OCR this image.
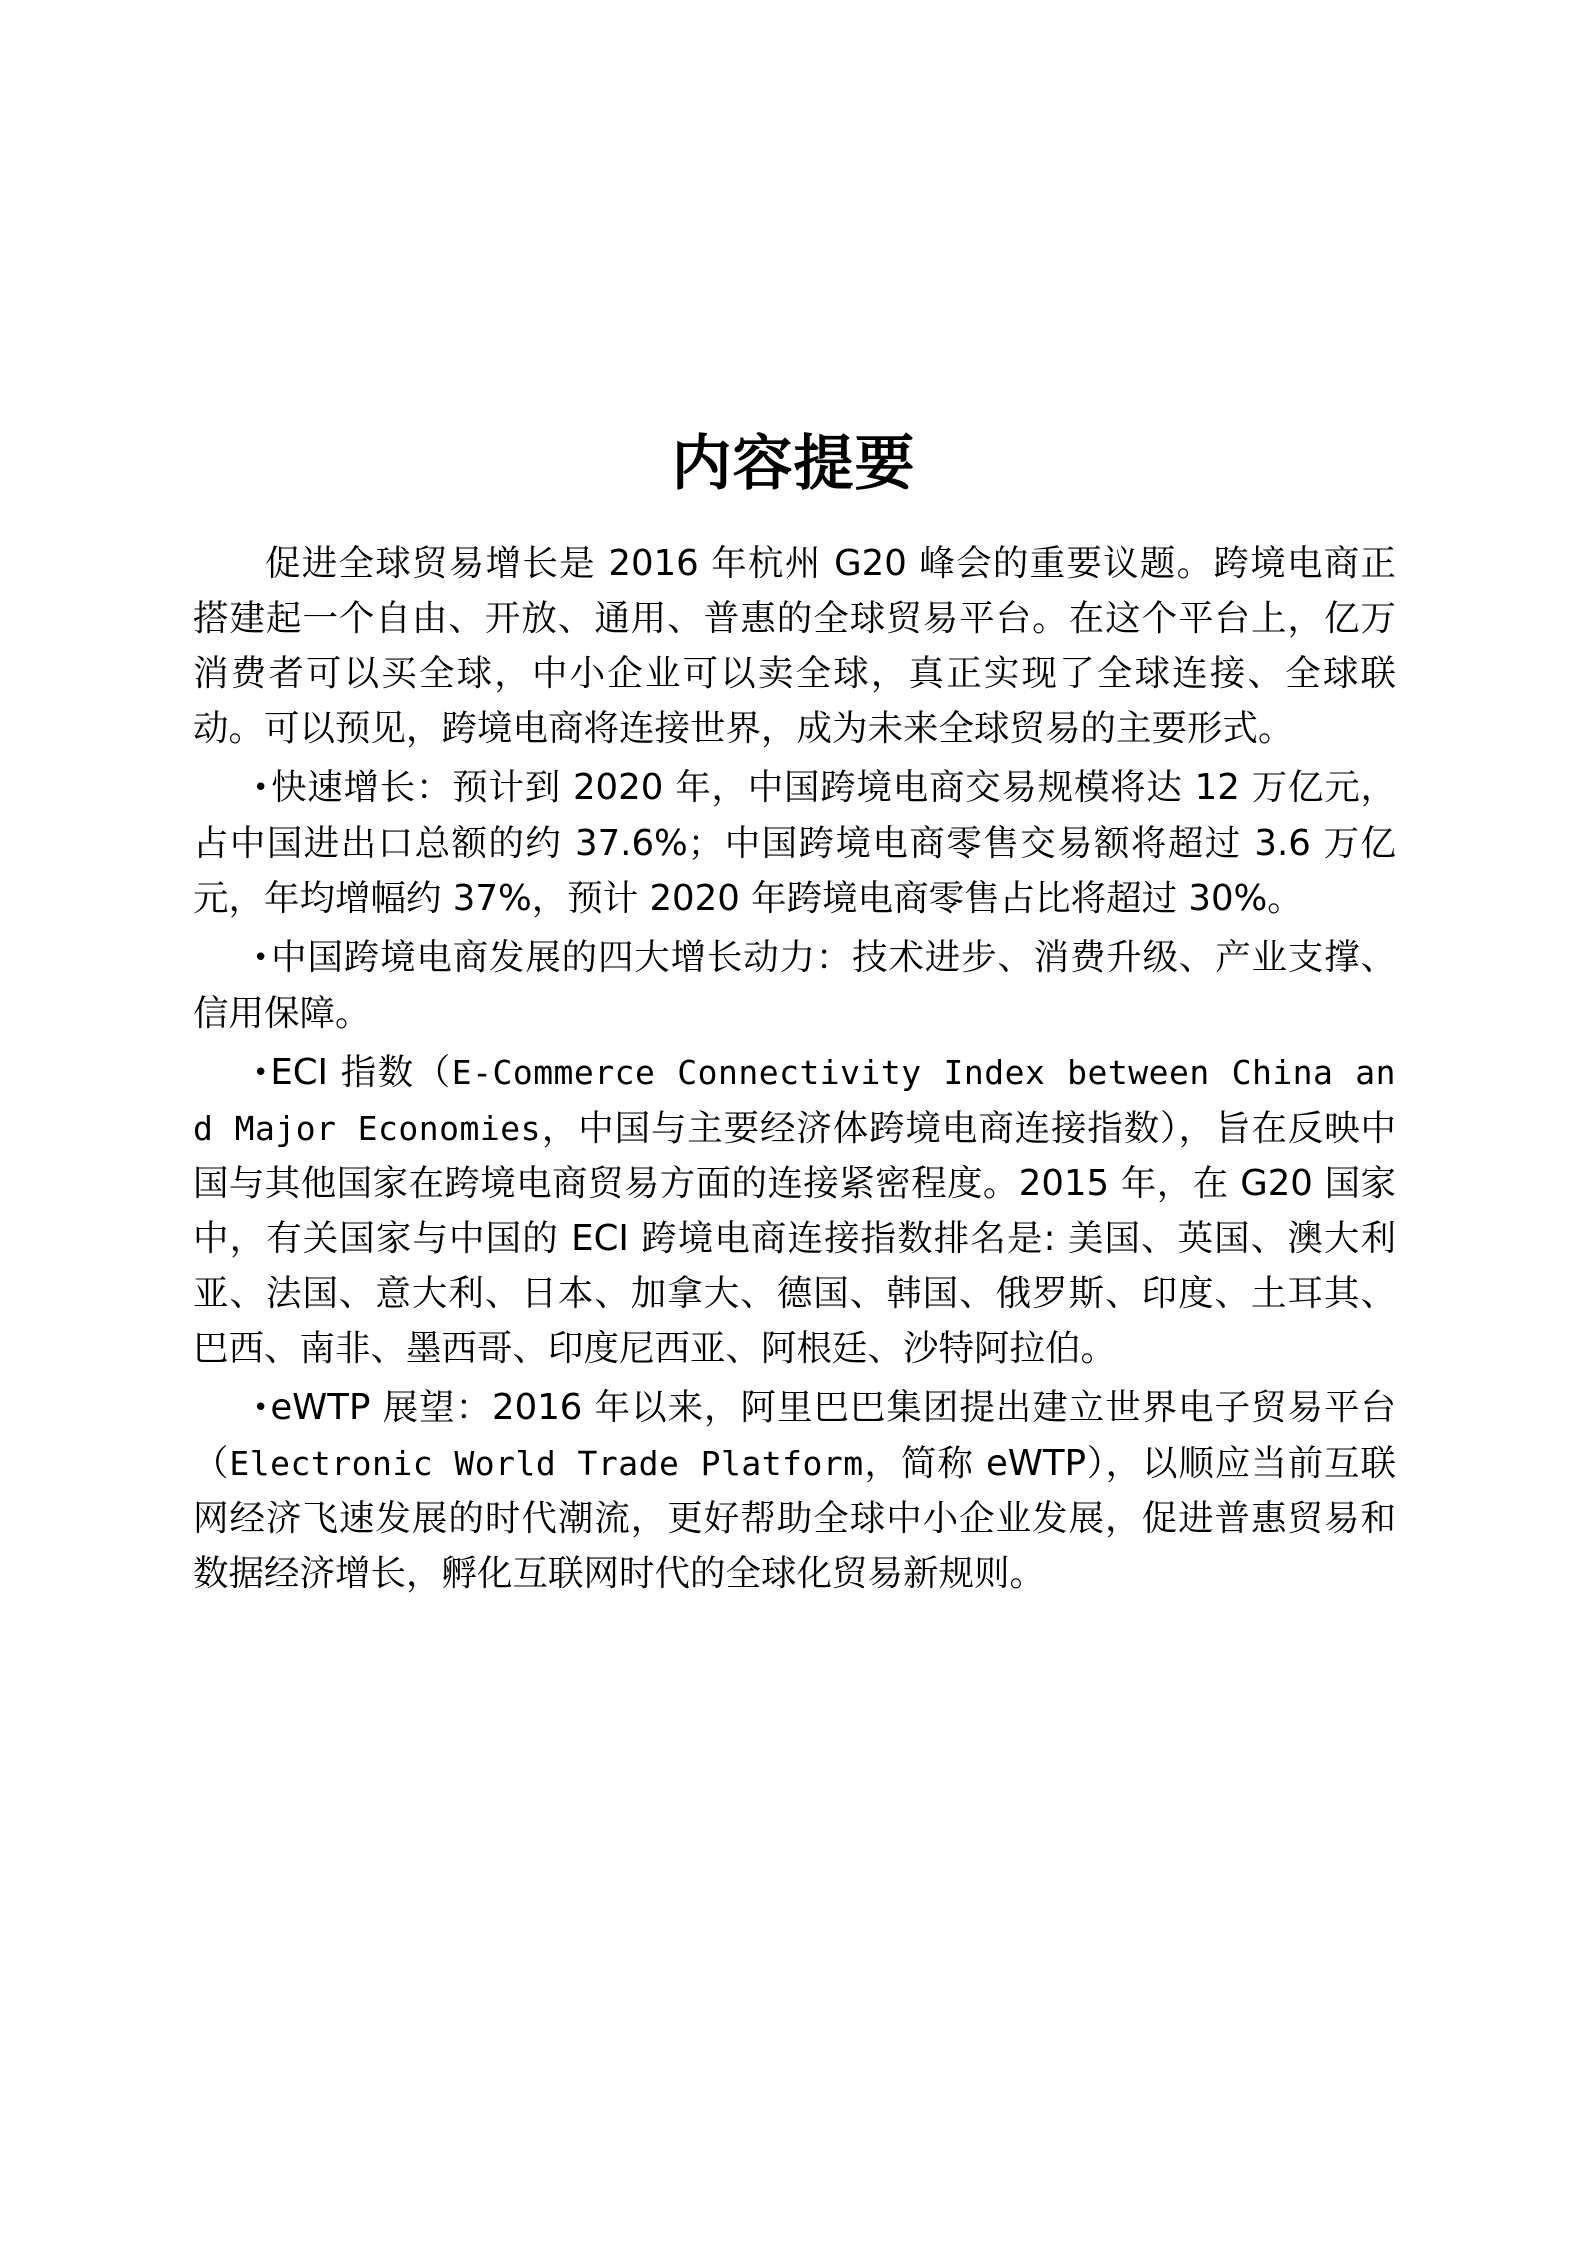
内容提要

促进全球贸易增长是 2016 年杭州 G20 峰会的重要议题。跨境电商正搭建起一个自由、开放、通用、普惠的全球贸易平台。在这个平台上，亿万消费者可以买全球，中小企业可以卖全球，真正实现了全球连接、全球联动。可以预见，跨境电商将连接世界，成为未来全球贸易的主要形式。

•快速增长：预计到 2020 年，中国跨境电商交易规模将达 12 万亿元，占中国进出口总额的约 37.6%；中国跨境电商零售交易额将超过 3.6 万亿元，年均增幅约 37%，预计 2020 年跨境电商零售占比将超过 30%。

•中国跨境电商发展的四大增长动力：技术进步、消费升级、产业支撑、信用保障。

•ECI 指数（E-Commerce Connectivity Index between China and Major Economies，中国与主要经济体跨境电商连接指数），旨在反映中国与其他国家在跨境电商贸易方面的连接紧密程度。2015 年，在 G20 国家中，有关国家与中国的 ECI 跨境电商连接指数排名是: 美国、英国、澳大利亚、法国、意大利、日本、加拿大、德国、韩国、俄罗斯、印度、土耳其、巴西、南非、墨西哥、印度尼西亚、阿根廷、沙特阿拉伯。

•eWTP 展望：2016 年以来，阿里巴巴集团提出建立世界电子贸易平台（Electronic World Trade Platform，简称 eWTP），以顺应当前互联网经济飞速发展的时代潮流，更好帮助全球中小企业发展，促进普惠贸易和数据经济增长，孵化互联网时代的全球化贸易新规则。
